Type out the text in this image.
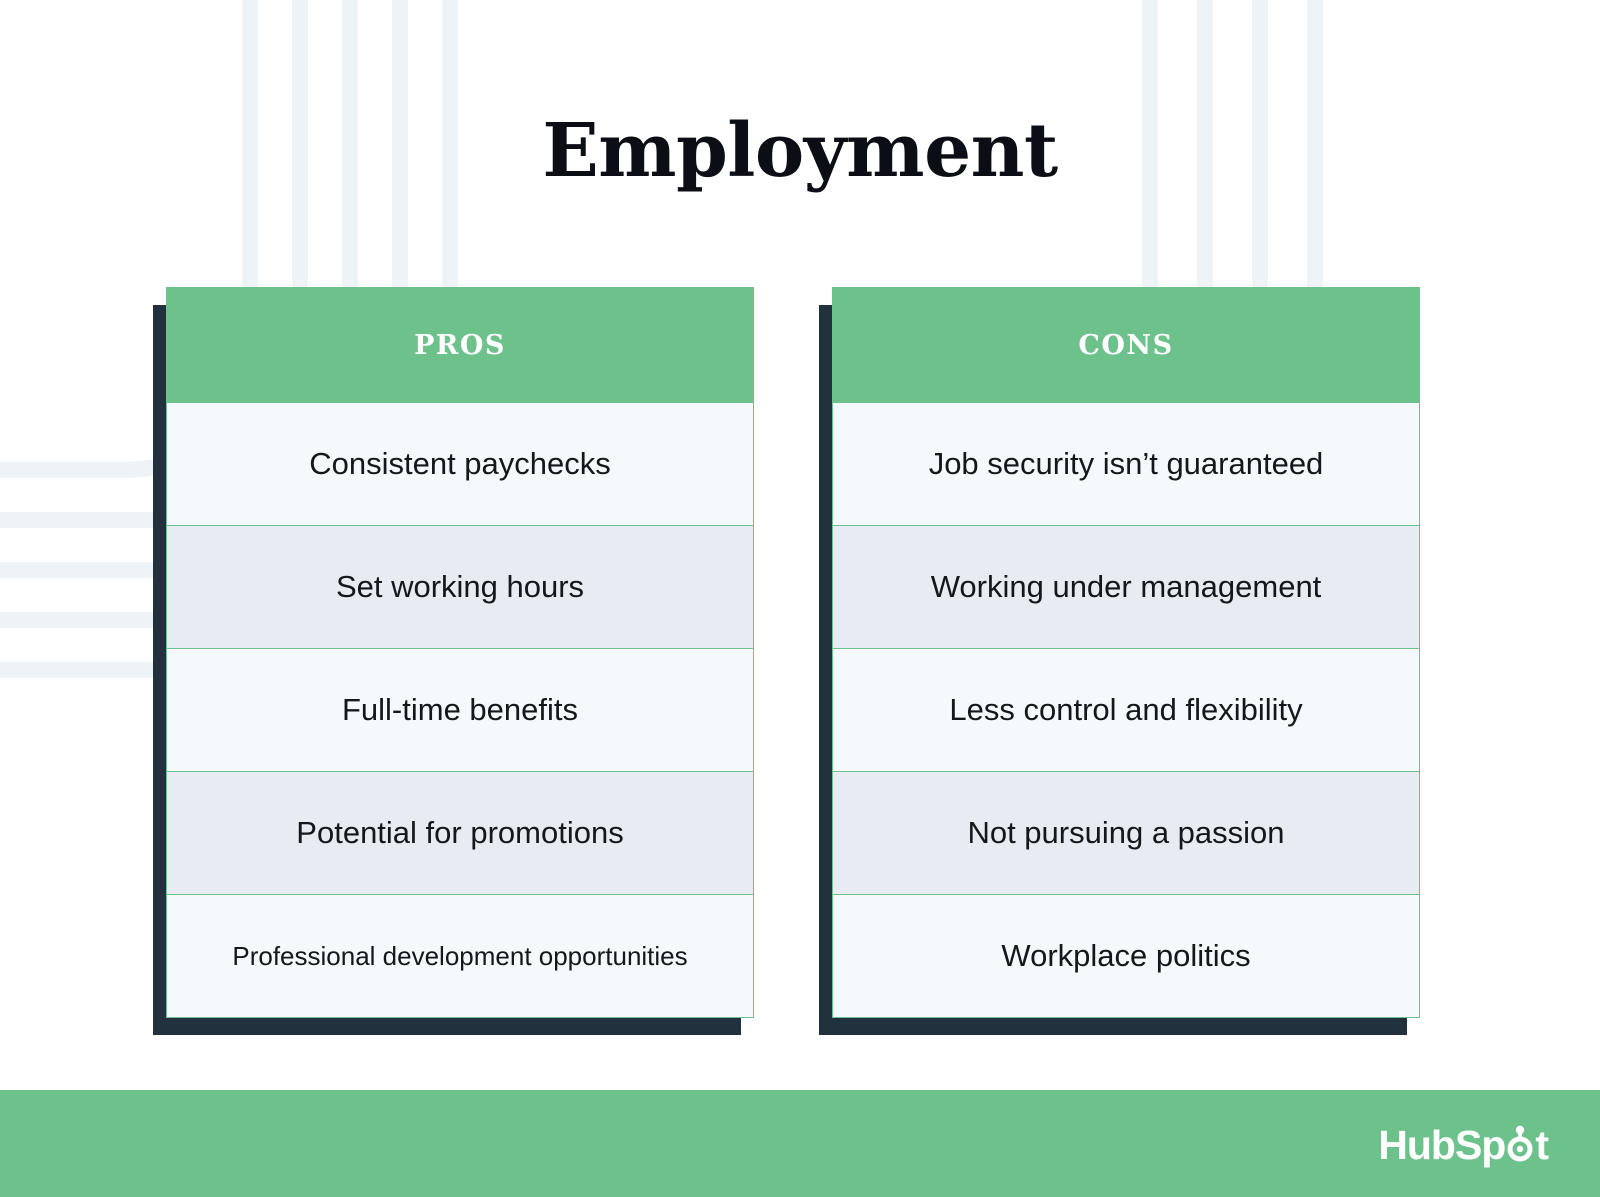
Employment
PROS
Consistent paychecks
Set working hours
Full-time benefits
Potential for promotions
Professional development opportunities
CONS
Job security isn’t guaranteed
Working under management
Less control and flexibility
Not pursuing a passion
Workplace politics
HubSp t
